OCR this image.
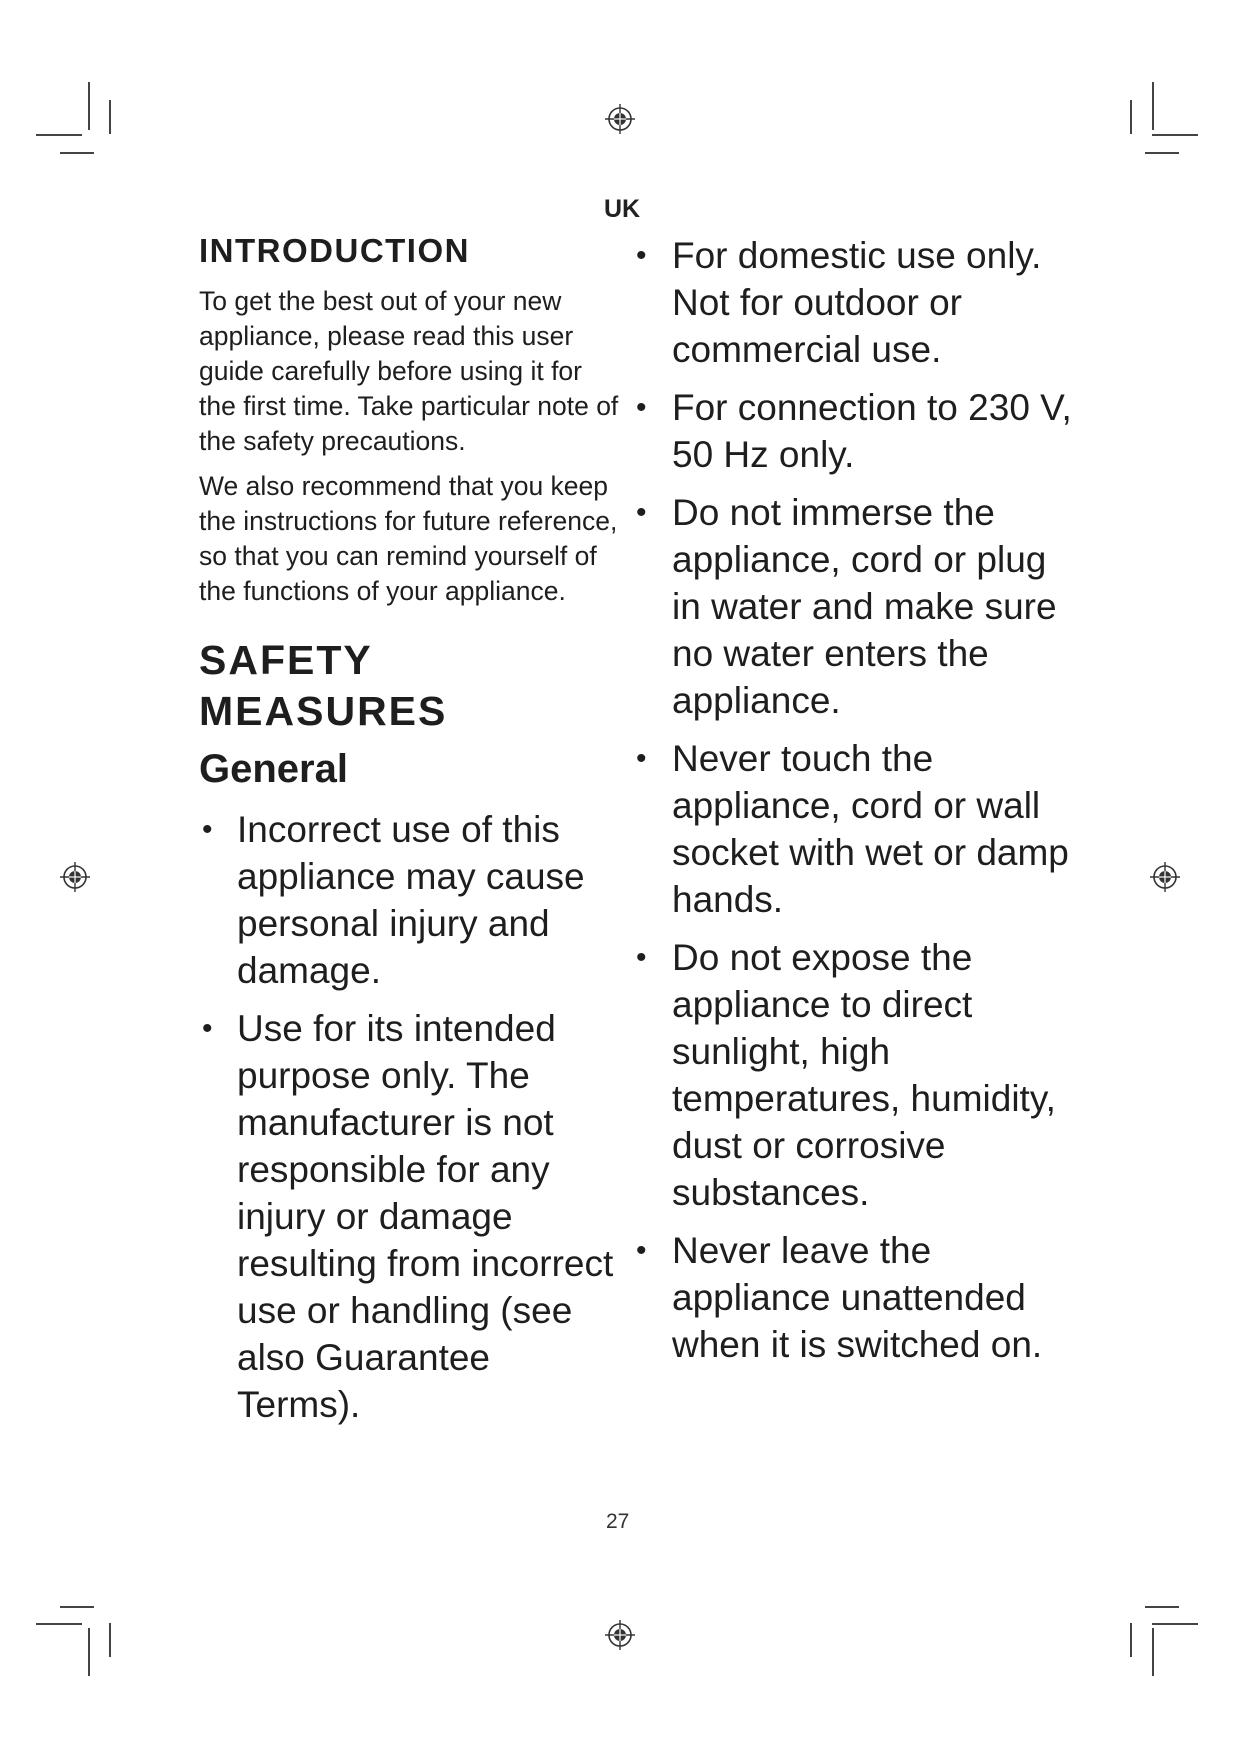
UK
INTRODUCTION

To get the best out of your new appliance, please read this user guide carefully before using it for the first time. Take particular note of the safety precautions.

We also recommend that you keep the instructions for future reference, so that you can remind yourself of the functions of your appliance.

SAFETY MEASURES
General
• Incorrect use of this appliance may cause personal injury and damage.
• Use for its intended purpose only. The manufacturer is not responsible for any injury or damage resulting from incorrect use or handling (see also Guarantee Terms).
• For domestic use only. Not for outdoor or commercial use.
• For connection to 230 V, 50 Hz only.
• Do not immerse the appliance, cord or plug in water and make sure no water enters the appliance.
• Never touch the appliance, cord or wall socket with wet or damp hands.
• Do not expose the appliance to direct sunlight, high temperatures, humidity, dust or corrosive substances.
• Never leave the appliance unattended when it is switched on.
27
